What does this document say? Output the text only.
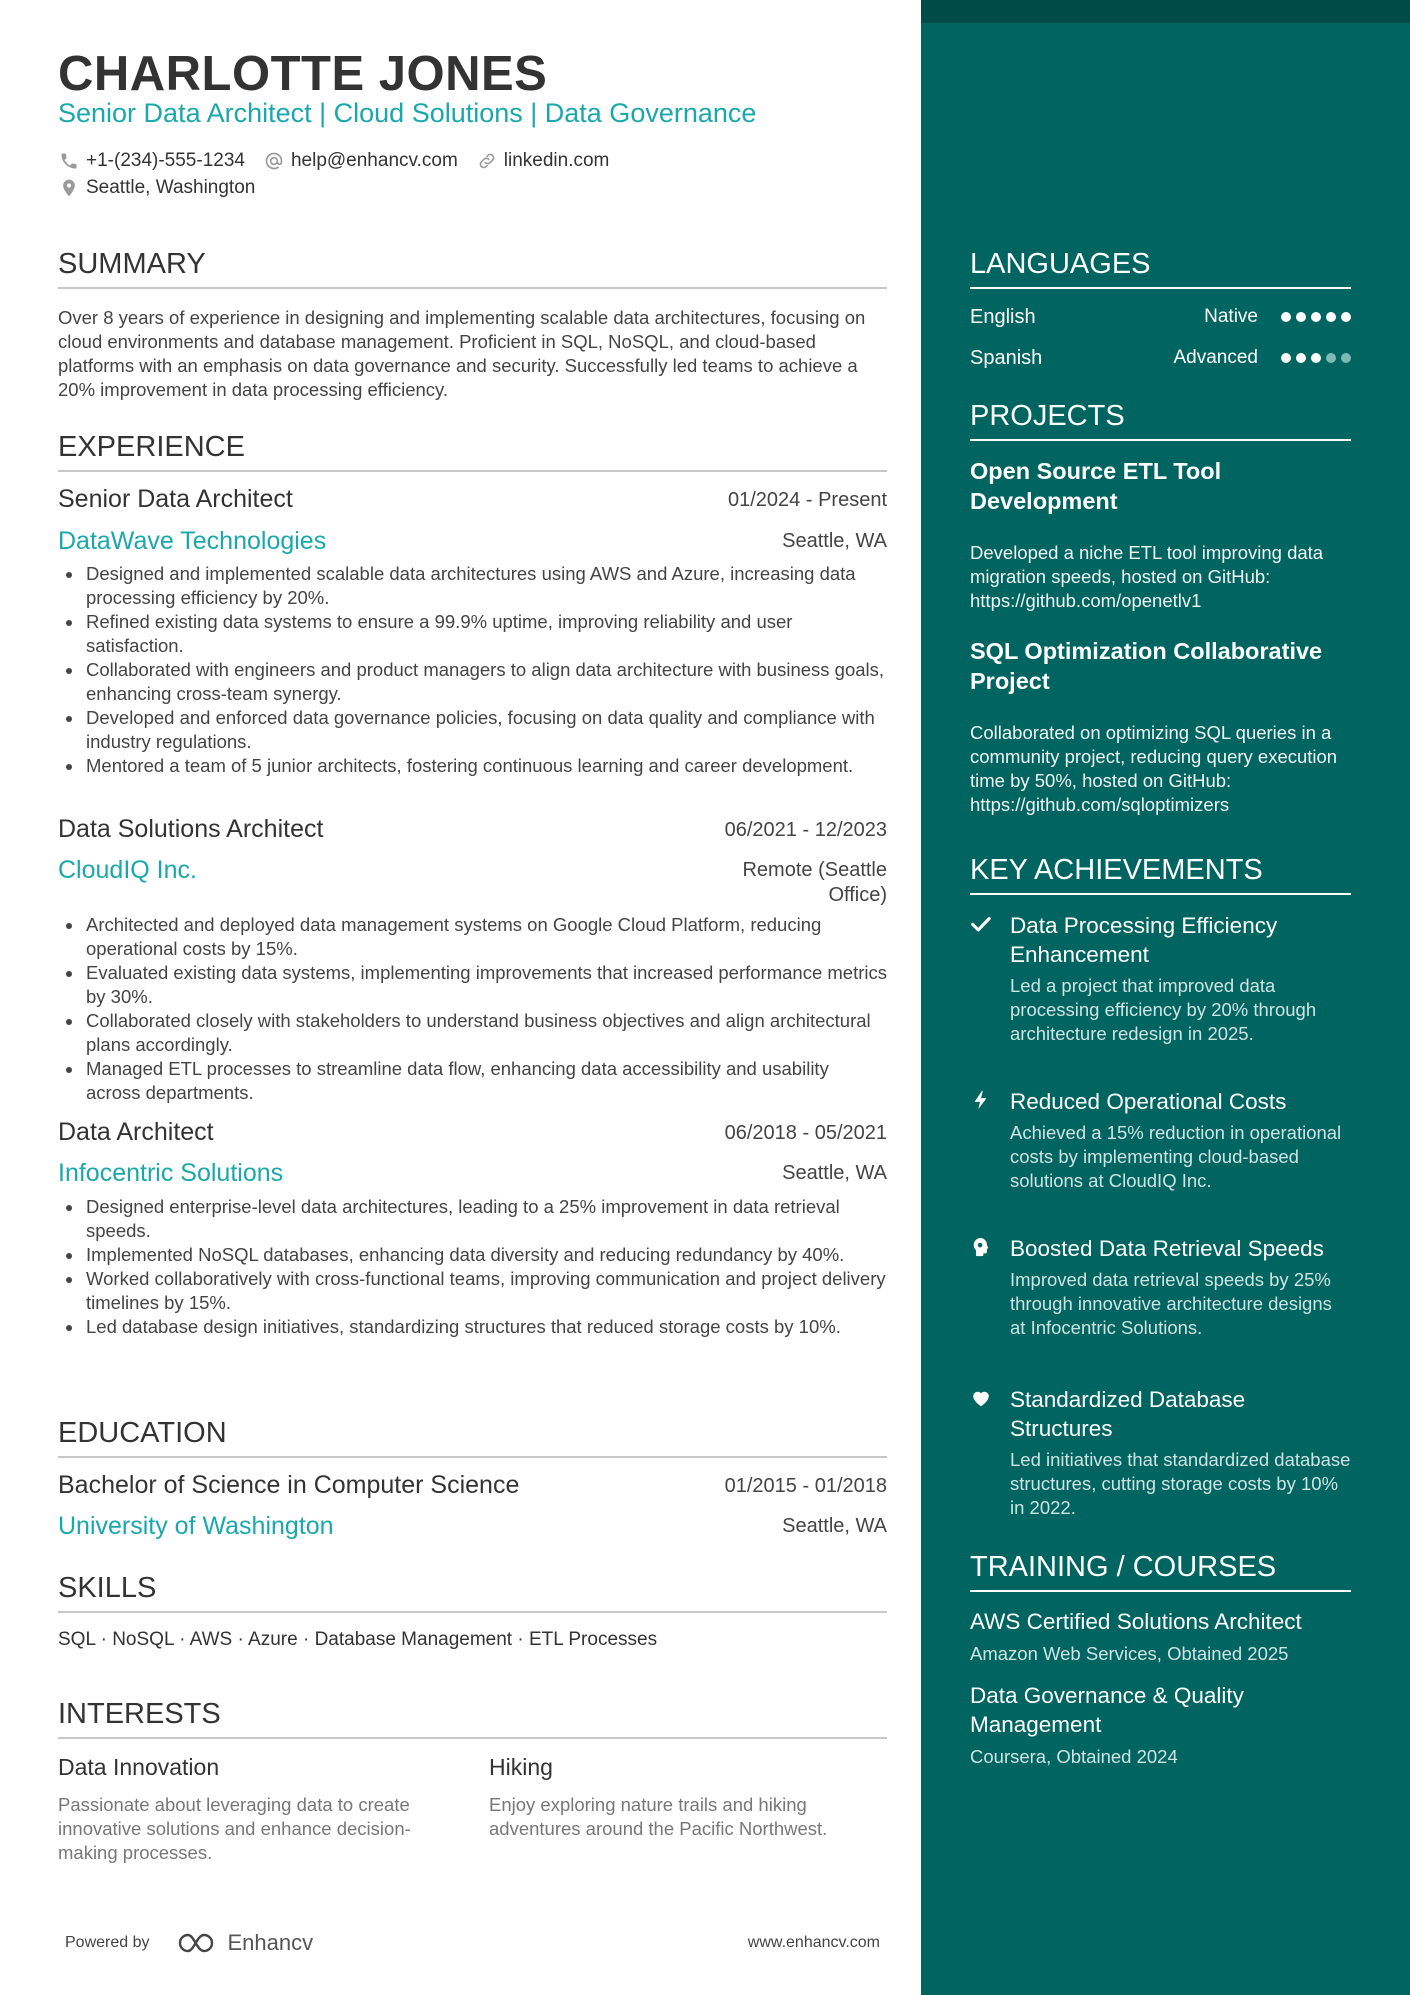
CHARLOTTE JONES
Senior Data Architect | Cloud Solutions | Data Governance
+1-(234)-555-1234 help@enhancv.com linkedin.com
Seattle, Washington
SUMMARY
Over 8 years of experience in designing and implementing scalable data architectures, focusing on cloud environments and database management. Proficient in SQL, NoSQL, and cloud-based platforms with an emphasis on data governance and security. Successfully led teams to achieve a 20% improvement in data processing efficiency.
EXPERIENCE
Senior Data Architect	01/2024 - Present
DataWave Technologies	Seattle, WA
Designed and implemented scalable data architectures using AWS and Azure, increasing data processing efficiency by 20%.
Refined existing data systems to ensure a 99.9% uptime, improving reliability and user satisfaction.
Collaborated with engineers and product managers to align data architecture with business goals, enhancing cross-team synergy.
Developed and enforced data governance policies, focusing on data quality and compliance with industry regulations.
Mentored a team of 5 junior architects, fostering continuous learning and career development.
Data Solutions Architect	06/2021 - 12/2023
CloudIQ Inc.	Remote (Seattle Office)
Architected and deployed data management systems on Google Cloud Platform, reducing operational costs by 15%.
Evaluated existing data systems, implementing improvements that increased performance metrics by 30%.
Collaborated closely with stakeholders to understand business objectives and align architectural plans accordingly.
Managed ETL processes to streamline data flow, enhancing data accessibility and usability across departments.
Data Architect	06/2018 - 05/2021
Infocentric Solutions	Seattle, WA
Designed enterprise-level data architectures, leading to a 25% improvement in data retrieval speeds.
Implemented NoSQL databases, enhancing data diversity and reducing redundancy by 40%.
Worked collaboratively with cross-functional teams, improving communication and project delivery timelines by 15%.
Led database design initiatives, standardizing structures that reduced storage costs by 10%.
EDUCATION
Bachelor of Science in Computer Science	01/2015 - 01/2018
University of Washington	Seattle, WA
SKILLS
SQL · NoSQL · AWS · Azure · Database Management · ETL Processes
INTERESTS
Data Innovation
Passionate about leveraging data to create innovative solutions and enhance decision-making processes.
Hiking
Enjoy exploring nature trails and hiking adventures around the Pacific Northwest.
Powered by	Enhancv	www.enhancv.com
LANGUAGES
English	Native
Spanish	Advanced
PROJECTS
Open Source ETL Tool Development
Developed a niche ETL tool improving data migration speeds, hosted on GitHub: https://github.com/openetlv1
SQL Optimization Collaborative Project
Collaborated on optimizing SQL queries in a community project, reducing query execution time by 50%, hosted on GitHub: https://github.com/sqloptimizers
KEY ACHIEVEMENTS
Data Processing Efficiency Enhancement
Led a project that improved data processing efficiency by 20% through architecture redesign in 2025.
Reduced Operational Costs
Achieved a 15% reduction in operational costs by implementing cloud-based solutions at CloudIQ Inc.
Boosted Data Retrieval Speeds
Improved data retrieval speeds by 25% through innovative architecture designs at Infocentric Solutions.
Standardized Database Structures
Led initiatives that standardized database structures, cutting storage costs by 10% in 2022.
TRAINING / COURSES
AWS Certified Solutions Architect
Amazon Web Services, Obtained 2025
Data Governance & Quality Management
Coursera, Obtained 2024
